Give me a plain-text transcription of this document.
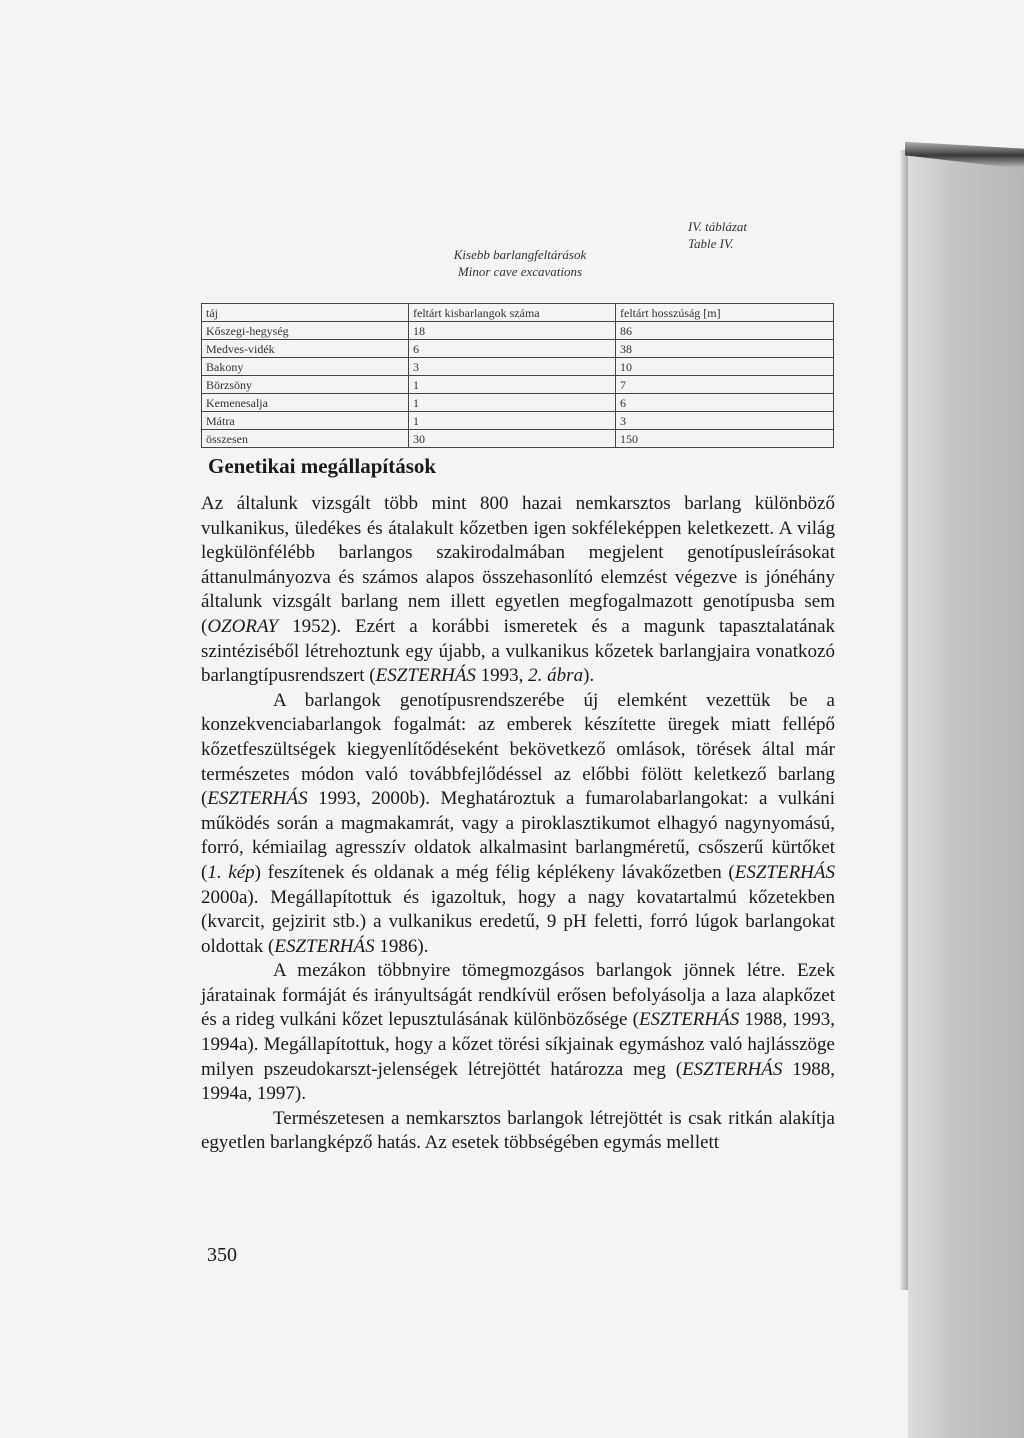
IV. táblázat
Table IV.
Kisebb barlangfeltárások
Minor cave excavations
táj	feltárt kisbarlangok száma	feltárt hosszúság [m]
Kőszegi-hegység	18	86
Medves-vidék	6	38
Bakony	3	10
Börzsöny	1	7
Kemenesalja	1	6
Mátra	1	3
összesen	30	150
Genetikai megállapítások

Az általunk vizsgált több mint 800 hazai nemkarsztos barlang különböző vulkanikus, üledékes és átalakult kőzetben igen sokféleképpen keletkezett. A világ legkülönfélébb barlangos szakirodalmában megjelent genotípusleírásokat áttanulmányozva és számos alapos összehasonlító elemzést végezve is jónéhány általunk vizsgált barlang nem illett egyetlen megfogalmazott genotípusba sem (OZORAY 1952). Ezért a korábbi ismeretek és a magunk tapasztalatának szintéziséből létrehoztunk egy újabb, a vulkanikus kőzetek barlangjaira vonatkozó barlangtípusrendszert (ESZTERHÁS 1993, 2. ábra).

A barlangok genotípusrendszerébe új elemként vezettük be a konzekvenciabarlangok fogalmát: az emberek készítette üregek miatt fellépő kőzetfeszültségek kiegyenlítődéseként bekövetkező omlások, törések által már természetes módon való továbbfejlődéssel az előbbi fölött keletkező barlang (ESZTERHÁS 1993, 2000b). Meghatároztuk a fumarolabarlangokat: a vulkáni működés során a magmakamrát, vagy a piroklasztikumot elhagyó nagynyomású, forró, kémiailag agresszív oldatok alkalmasint barlangméretű, csőszerű kürtőket (1. kép) feszítenek és oldanak a még félig képlékeny lávakőzetben (ESZTERHÁS 2000a). Megállapítottuk és igazoltuk, hogy a nagy kovatartalmú kőzetekben (kvarcit, gejzirit stb.) a vulkanikus eredetű, 9 pH feletti, forró lúgok barlangokat oldottak (ESZTERHÁS 1986).

A mezákon többnyire tömegmozgásos barlangok jönnek létre. Ezek járatainak formáját és irányultságát rendkívül erősen befolyásolja a laza alapkőzet és a rideg vulkáni kőzet lepusztulásának különbözősége (ESZTERHÁS 1988, 1993, 1994a). Megállapítottuk, hogy a kőzet törési síkjainak egymáshoz való hajlásszöge milyen pszeudokarszt-jelenségek létrejöttét határozza meg (ESZTERHÁS 1988, 1994a, 1997).

Természetesen a nemkarsztos barlangok létrejöttét is csak ritkán alakítja egyetlen barlangképző hatás. Az esetek többségében egymás mellett

350
